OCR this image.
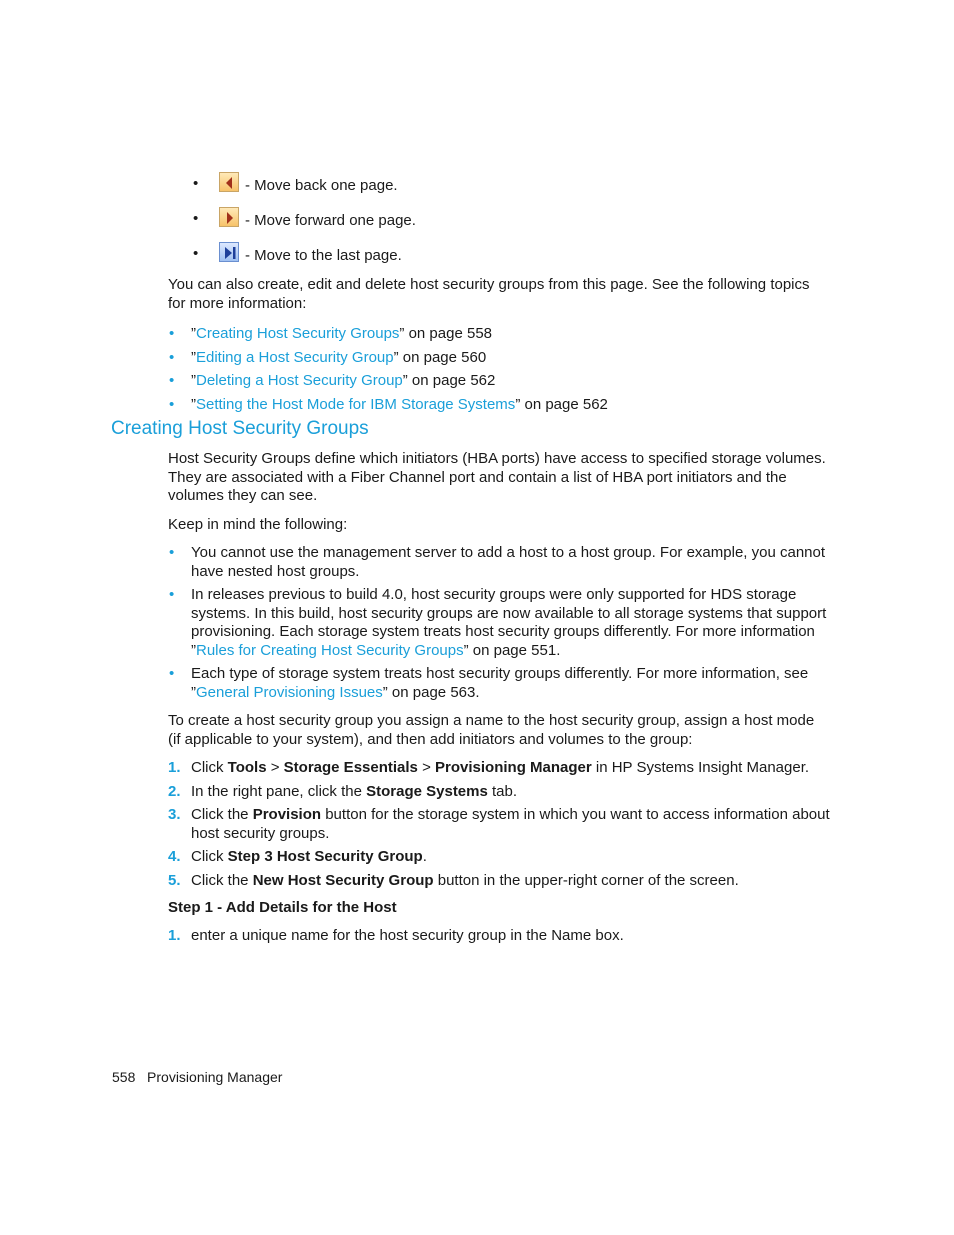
•	- Move back one page.
•	- Move forward one page.
•	- Move to the last page.
You can also create, edit and delete host security groups from this page. See the following topics for more information:
• ”Creating Host Security Groups” on page 558
• ”Editing a Host Security Group” on page 560
• ”Deleting a Host Security Group” on page 562
• ”Setting the Host Mode for IBM Storage Systems” on page 562
Creating Host Security Groups
Host Security Groups define which initiators (HBA ports) have access to specified storage volumes. They are associated with a Fiber Channel port and contain a list of HBA port initiators and the volumes they can see.
Keep in mind the following:
• You cannot use the management server to add a host to a host group. For example, you cannot have nested host groups.
• In releases previous to build 4.0, host security groups were only supported for HDS storage systems. In this build, host security groups are now available to all storage systems that support provisioning. Each storage system treats host security groups differently. For more information ”Rules for Creating Host Security Groups” on page 551.
• Each type of storage system treats host security groups differently. For more information, see ”General Provisioning Issues” on page 563.
To create a host security group you assign a name to the host security group, assign a host mode (if applicable to your system), and then add initiators and volumes to the group:
1. Click Tools > Storage Essentials > Provisioning Manager in HP Systems Insight Manager.
2. In the right pane, click the Storage Systems tab.
3. Click the Provision button for the storage system in which you want to access information about host security groups.
4. Click Step 3 Host Security Group.
5. Click the New Host Security Group button in the upper-right corner of the screen.
Step 1 - Add Details for the Host
1. enter a unique name for the host security group in the Name box.
558 Provisioning Manager
